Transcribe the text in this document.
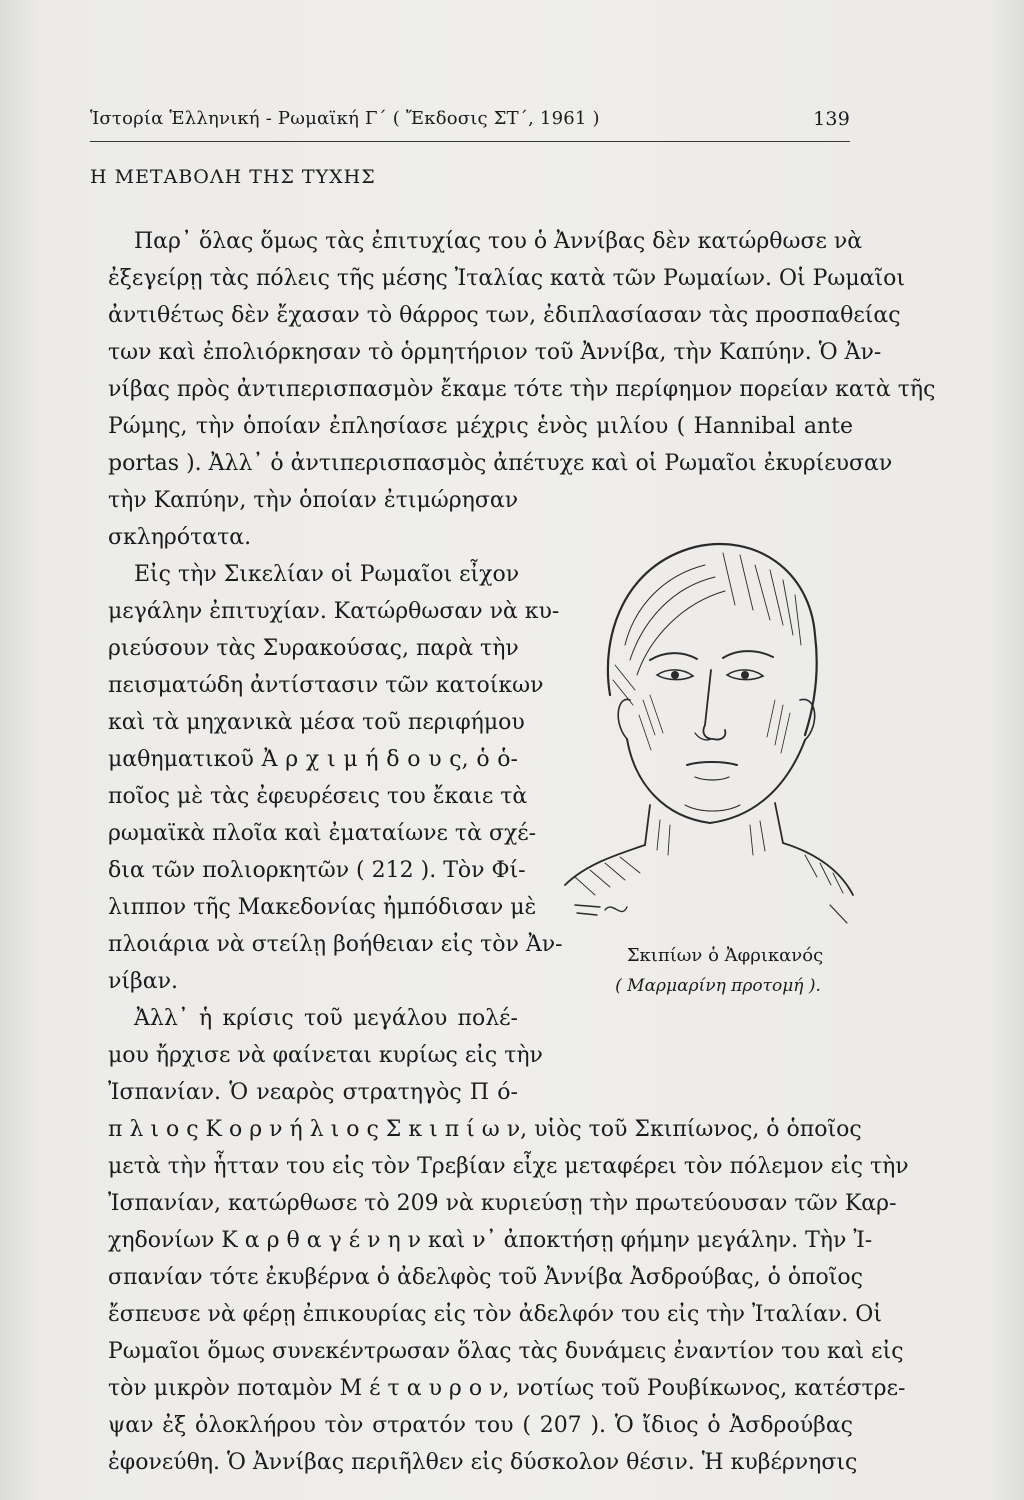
Ἱστορία Ἑλληνική - Ρωμαϊκή Γ΄ ( Ἔκδοσις ΣΤ΄, 1961 )	139
Η ΜΕΤΑΒΟΛΗ ΤΗΣ ΤΥΧΗΣ
Παρ᾽ ὅλας ὅμως τὰς ἐπιτυχίας του ὁ Ἀννίβας δὲν κατώρθωσε νὰ
ἐξεγείρῃ τὰς πόλεις τῆς μέσης Ἰταλίας κατὰ τῶν Ρωμαίων. Οἱ Ρωμαῖοι
ἀντιθέτως δὲν ἔχασαν τὸ θάρρος των, ἐδιπλασίασαν τὰς προσπαθείας
των καὶ ἐπολιόρκησαν τὸ ὁρμητήριον τοῦ Ἀννίβα, τὴν Καπύην. Ὁ Ἀν-
νίβας πρὸς ἀντιπερισπασμὸν ἔκαμε τότε τὴν περίφημον πορείαν κατὰ τῆς
Ρώμης, τὴν ὁποίαν ἐπλησίασε μέχρις ἑνὸς μιλίου ( Hannibal ante
portas ). Ἀλλ᾽ ὁ ἀντιπερισπασμὸς ἀπέτυχε καὶ οἱ Ρωμαῖοι ἐκυρίευσαν
τὴν Καπύην, τὴν ὁποίαν ἐτιμώρησαν
σκληρότατα.
Εἰς τὴν Σικελίαν οἱ Ρωμαῖοι εἶχον
μεγάλην ἐπιτυχίαν. Κατώρθωσαν νὰ κυ-
ριεύσουν τὰς Συρακούσας, παρὰ τὴν
πεισματώδη ἀντίστασιν τῶν κατοίκων
καὶ τὰ μηχανικὰ μέσα τοῦ περιφήμου
μαθηματικοῦ Ἀ ρ χ ι μ ή δ ο υ ς, ὁ ὁ-
ποῖος μὲ τὰς ἐφευρέσεις του ἔκαιε τὰ
ρωμαϊκὰ πλοῖα καὶ ἐματαίωνε τὰ σχέ-
δια τῶν πολιορκητῶν ( 212 ). Τὸν Φί-
λιππον τῆς Μακεδονίας ἠμπόδισαν μὲ
πλοιάρια νὰ στείλῃ βοήθειαν εἰς τὸν Ἀν-
νίβαν.
Ἀλλ᾽ ἡ κρίσις τοῦ μεγάλου πολέ-
μου ἤρχισε νὰ φαίνεται κυρίως εἰς τὴν
Ἰσπανίαν. Ὁ νεαρὸς στρατηγὸς Π ό-
π λ ι ο ς Κ ο ρ ν ή λ ι ο ς Σ κ ι π ί ω ν, υἱὸς τοῦ Σκιπίωνος, ὁ ὁποῖος
μετὰ τὴν ἧτταν του εἰς τὸν Τρεβίαν εἶχε μεταφέρει τὸν πόλεμον εἰς τὴν
Ἰσπανίαν, κατώρθωσε τὸ 209 νὰ κυριεύσῃ τὴν πρωτεύουσαν τῶν Καρ-
χηδονίων Κ α ρ θ α γ έ ν η ν καὶ ν᾽ ἀποκτήσῃ φήμην μεγάλην. Τὴν Ἰ-
σπανίαν τότε ἐκυβέρνα ὁ ἀδελφὸς τοῦ Ἀννίβα Ἀσδρούβας, ὁ ὁποῖος
ἔσπευσε νὰ φέρῃ ἐπικουρίας εἰς τὸν ἀδελφόν του εἰς τὴν Ἰταλίαν. Οἱ
Ρωμαῖοι ὅμως συνεκέντρωσαν ὅλας τὰς δυνάμεις ἐναντίον του καὶ εἰς
τὸν μικρὸν ποταμὸν Μ έ τ α υ ρ ο ν, νοτίως τοῦ Ρουβίκωνος, κατέστρε-
ψαν ἐξ ὁλοκλήρου τὸν στρατόν του ( 207 ). Ὁ ἴδιος ὁ Ἀσδρούβας
ἐφονεύθη. Ὁ Ἀννίβας περιῆλθεν εἰς δύσκολον θέσιν. Ἡ κυβέρνησις
Σκιπίων ὁ Ἀφρικανός
( Μαρμαρίνη προτομή ).
